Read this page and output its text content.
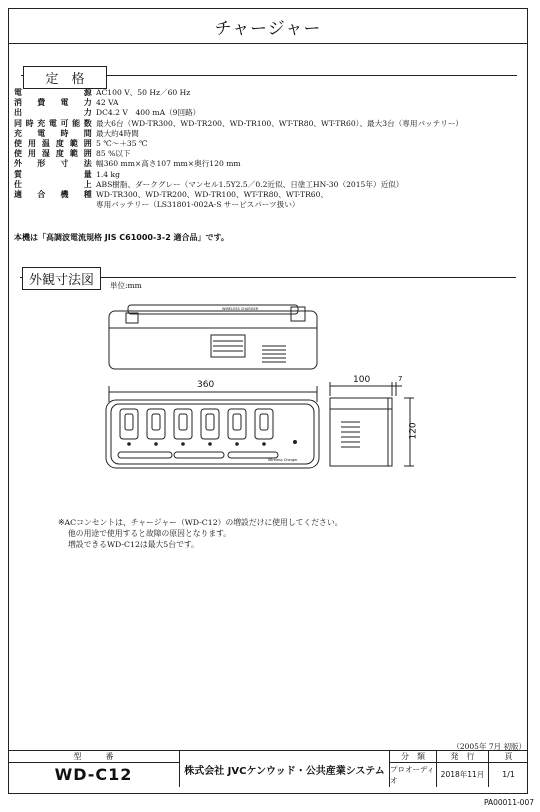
チャージャー
定　格
電源 AC100 V、50 Hz／60 Hz
消費電力 42 VA
出力 DC4.2 V　400 mA（9回路）
同時充電可能数 最大6台（WD-TR300、WD-TR200、WD-TR100、WT-TR80、WT-TR60）、最大3台（専用バッテリー）
充電時間 最大約4時間
使用温度範囲 5 ℃～＋35 ℃
使用湿度範囲 85 %以下
外形寸法 幅360 mm×高さ107 mm×奥行120 mm
質量 1.4 kg
仕上 ABS樹脂、ダークグレー（マンセル1.5Y2.5／0.2近似、日塗工HN-30（2015年）近似）
適合機種 WD-TR300、WD-TR200、WD-TR100、WT-TR80、WT-TR60、
専用バッテリー（LS31801-002A-S サービスパーツ扱い）
本機は「高調波電流規格 JIS C61000-3-2 適合品」です。
外観寸法図	単位:mm
360	100	7
120
WIRELESS CHARGER
Wireless Charger
※ACコンセントは、チャージャー（WD-C12）の増設だけに使用してください。
他の用途で使用すると故障の原因となります。
増設できるWD-C12は最大5台です。
（2005年 7月 初版）
型　　　番
WD-C12	株式会社 JVCケンウッド・公共産業システム
分　類
プロオーディオ
発　行
2018年11月
頁
1/1
PA00011-007
